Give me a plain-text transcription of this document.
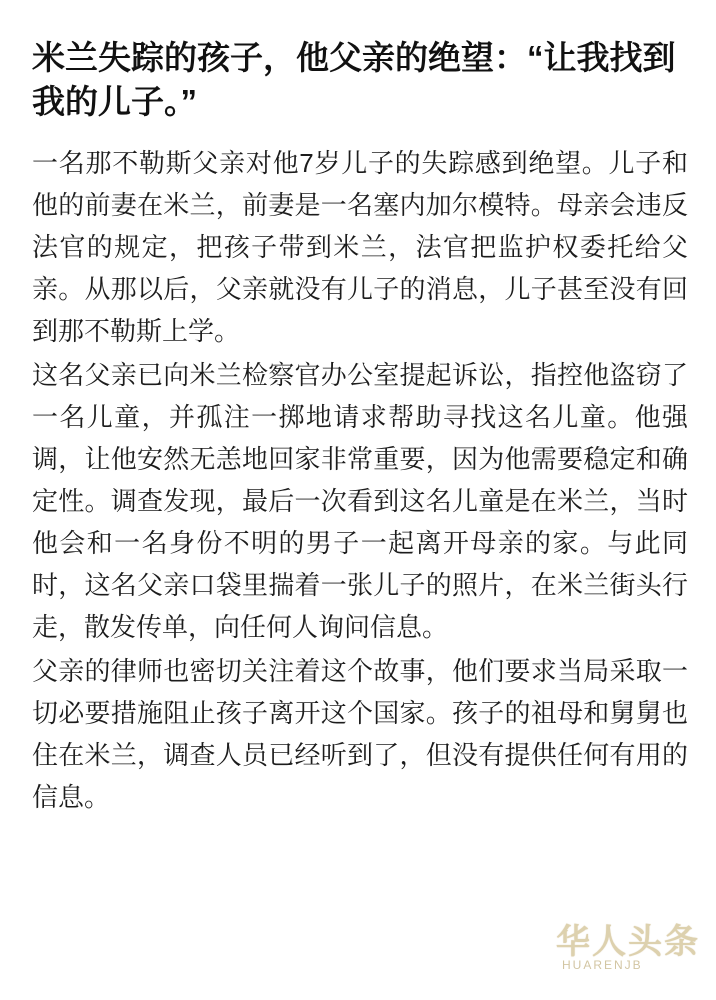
米兰失踪的孩子，他父亲的绝望：“让我找到我的儿子。”

一名那不勒斯父亲对他7岁儿子的失踪感到绝望。儿子和他的前妻在米兰，前妻是一名塞内加尔模特。母亲会违反法官的规定，把孩子带到米兰，法官把监护权委托给父亲。从那以后，父亲就没有儿子的消息，儿子甚至没有回到那不勒斯上学。

这名父亲已向米兰检察官办公室提起诉讼，指控他盗窃了一名儿童，并孤注一掷地请求帮助寻找这名儿童。他强调，让他安然无恙地回家非常重要，因为他需要稳定和确定性。调查发现，最后一次看到这名儿童是在米兰，当时他会和一名身份不明的男子一起离开母亲的家。与此同时，这名父亲口袋里揣着一张儿子的照片，在米兰街头行走，散发传单，向任何人询问信息。

父亲的律师也密切关注着这个故事，他们要求当局采取一切必要措施阻止孩子离开这个国家。孩子的祖母和舅舅也住在米兰，调查人员已经听到了，但没有提供任何有用的信息。

华人头条
HUARENJB
